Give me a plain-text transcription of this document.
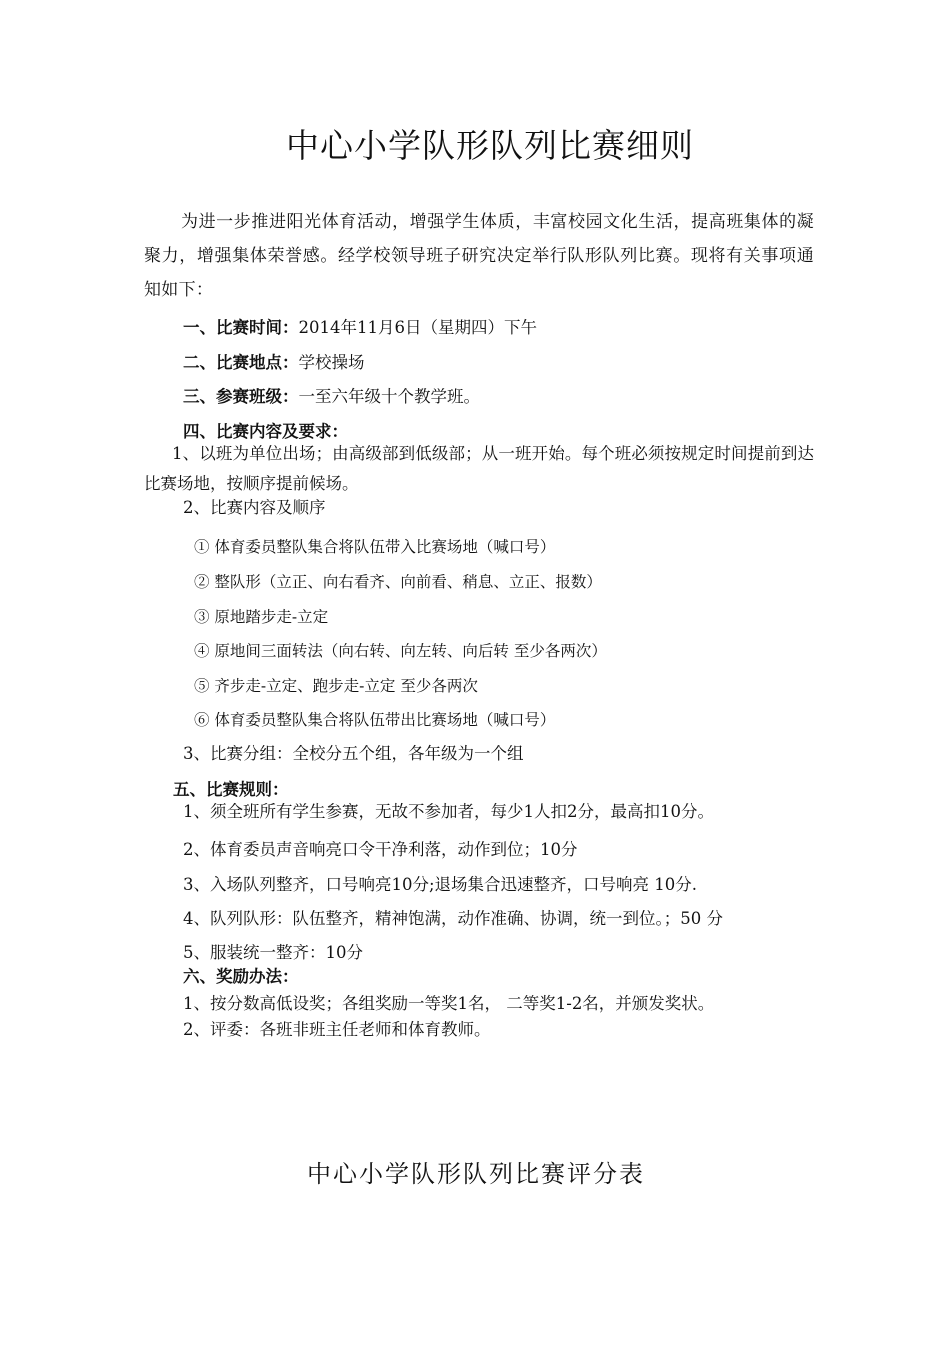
中心小学队形队列比赛细则
为进一步推进阳光体育活动，增强学生体质，丰富校园文化生活，提高班集体的凝聚力，增强集体荣誉感。经学校领导班子研究决定举行队形队列比赛。现将有关事项通知如下：
一、比赛时间：2014年11月6日（星期四）下午
二、比赛地点：学校操场
三、参赛班级：一至六年级十个教学班。
四、比赛内容及要求：
1、以班为单位出场；由高级部到低级部；从一班开始。每个班必须按规定时间提前到达比赛场地，按顺序提前候场。
2、比赛内容及顺序
① 体育委员整队集合将队伍带入比赛场地（喊口号）
② 整队形（立正、向右看齐、向前看、稍息、立正、报数）
③ 原地踏步走-立定
④ 原地间三面转法（向右转、向左转、向后转 至少各两次）
⑤ 齐步走-立定、跑步走-立定 至少各两次
⑥ 体育委员整队集合将队伍带出比赛场地（喊口号）
3、比赛分组：全校分五个组，各年级为一个组
五、比赛规则：
1、须全班所有学生参赛，无故不参加者，每少1人扣2分，最高扣10分。
2、体育委员声音响亮口令干净利落，动作到位；10分
3、入场队列整齐，口号响亮10分;退场集合迅速整齐，口号响亮 10分.
4、队列队形：队伍整齐，精神饱满，动作准确、协调，统一到位。；50 分
5、服装统一整齐：10分
六、奖励办法：
1、按分数高低设奖；各组奖励一等奖1名， 二等奖1-2名，并颁发奖状。
2、评委：各班非班主任老师和体育教师。
中心小学队形队列比赛评分表
